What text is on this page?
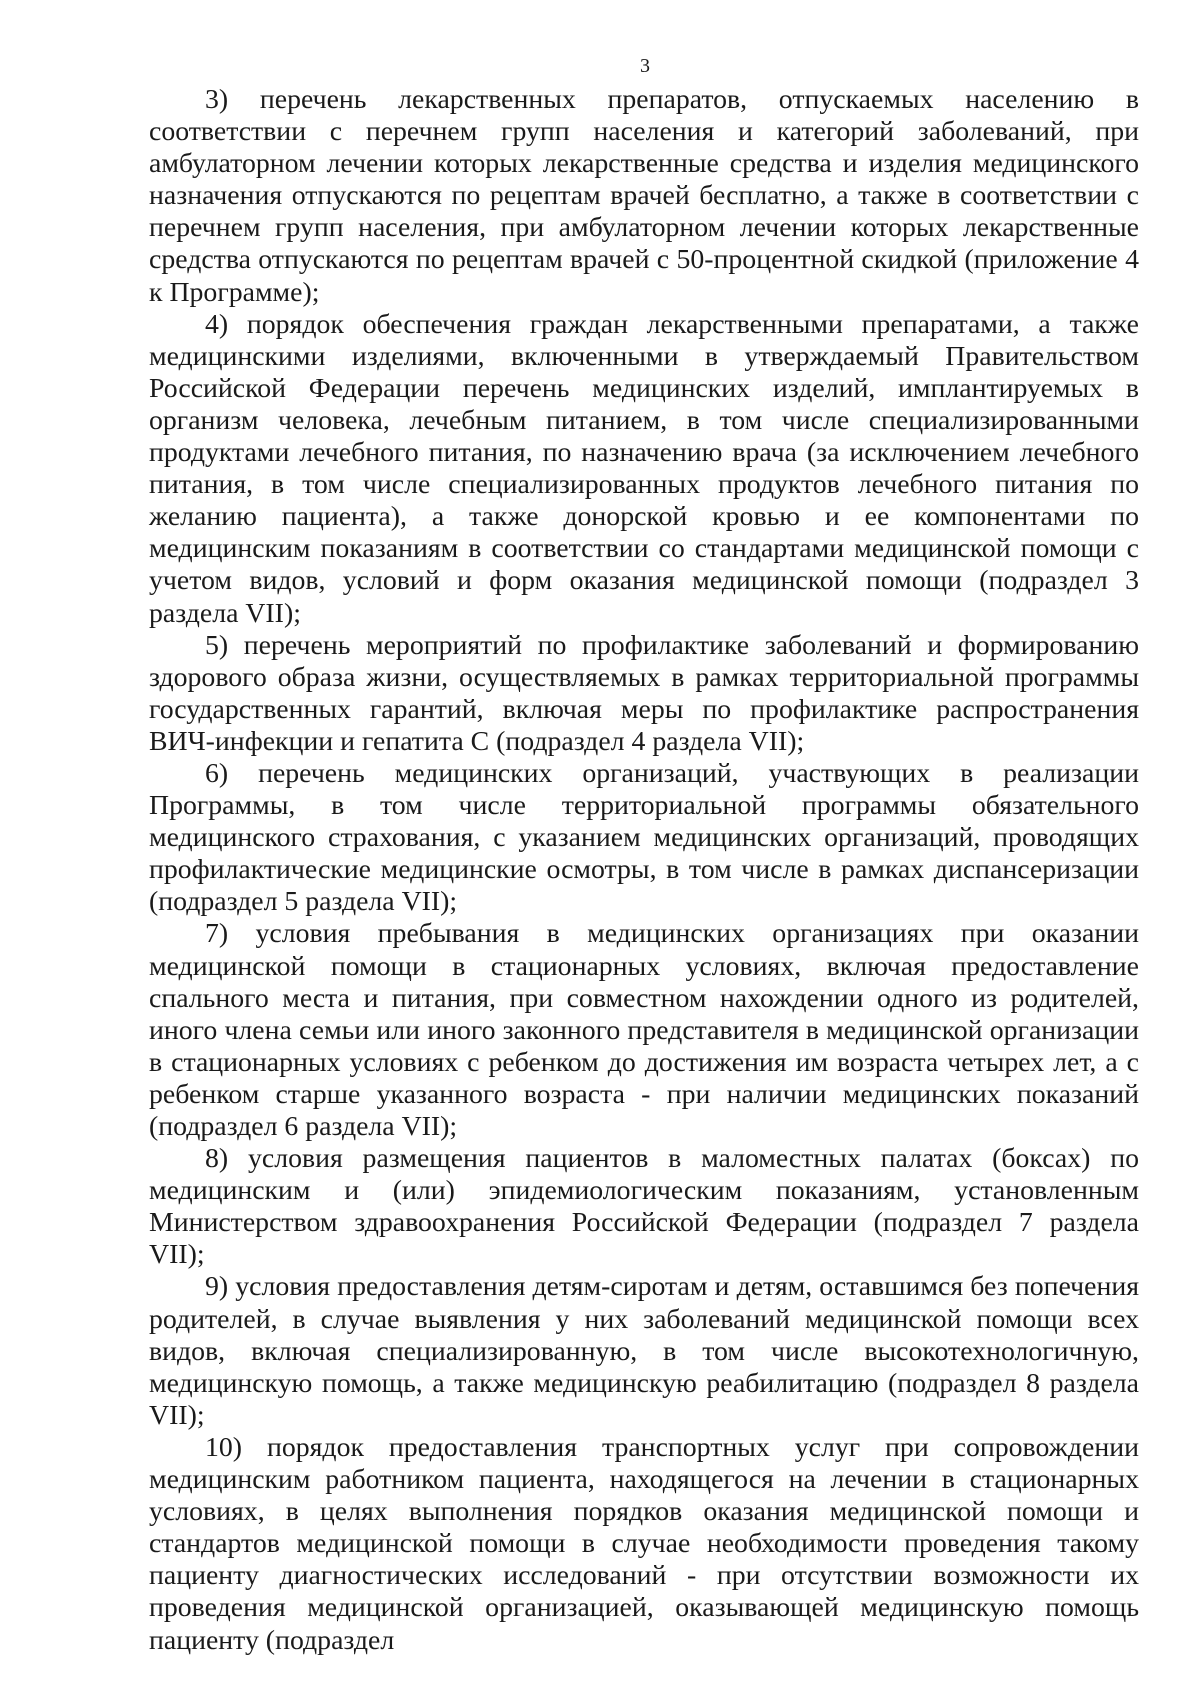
3

3) перечень лекарственных препаратов, отпускаемых населению в соответствии с перечнем групп населения и категорий заболеваний, при амбулаторном лечении которых лекарственные средства и изделия медицинского назначения отпускаются по рецептам врачей бесплатно, а также в соответствии с перечнем групп населения, при амбулаторном лечении которых лекарственные средства отпускаются по рецептам врачей с 50-процентной скидкой (приложение 4 к Программе);

4) порядок обеспечения граждан лекарственными препаратами, а также медицинскими изделиями, включенными в утверждаемый Правительством Российской Федерации перечень медицинских изделий, имплантируемых в организм человека, лечебным питанием, в том числе специализированными продуктами лечебного питания, по назначению врача (за исключением лечебного питания, в том числе специализированных продуктов лечебного питания по желанию пациента), а также донорской кровью и ее компонентами по медицинским показаниям в соответствии со стандартами медицинской помощи с учетом видов, условий и форм оказания медицинской помощи (подраздел 3 раздела VII);

5) перечень мероприятий по профилактике заболеваний и формированию здорового образа жизни, осуществляемых в рамках территориальной программы государственных гарантий, включая меры по профилактике распространения ВИЧ-инфекции и гепатита С (подраздел 4 раздела VII);

6) перечень медицинских организаций, участвующих в реализации Программы, в том числе территориальной программы обязательного медицинского страхования, с указанием медицинских организаций, проводящих профилактические медицинские осмотры, в том числе в рамках диспансеризации (подраздел 5 раздела VII);

7) условия пребывания в медицинских организациях при оказании медицинской помощи в стационарных условиях, включая предоставление спального места и питания, при совместном нахождении одного из родителей, иного члена семьи или иного законного представителя в медицинской организации в стационарных условиях с ребенком до достижения им возраста четырех лет, а с ребенком старше указанного возраста - при наличии медицинских показаний (подраздел 6 раздела VII);

8) условия размещения пациентов в маломестных палатах (боксах) по медицинским и (или) эпидемиологическим показаниям, установленным Министерством здравоохранения Российской Федерации (подраздел 7 раздела VII);

9) условия предоставления детям-сиротам и детям, оставшимся без попечения родителей, в случае выявления у них заболеваний медицинской помощи всех видов, включая специализированную, в том числе высокотехнологичную, медицинскую помощь, а также медицинскую реабилитацию (подраздел 8 раздела VII);

10) порядок предоставления транспортных услуг при сопровождении медицинским работником пациента, находящегося на лечении в стационарных условиях, в целях выполнения порядков оказания медицинской помощи и стандартов медицинской помощи в случае необходимости проведения такому пациенту диагностических исследований - при отсутствии возможности их проведения медицинской организацией, оказывающей медицинскую помощь пациенту (подраздел
